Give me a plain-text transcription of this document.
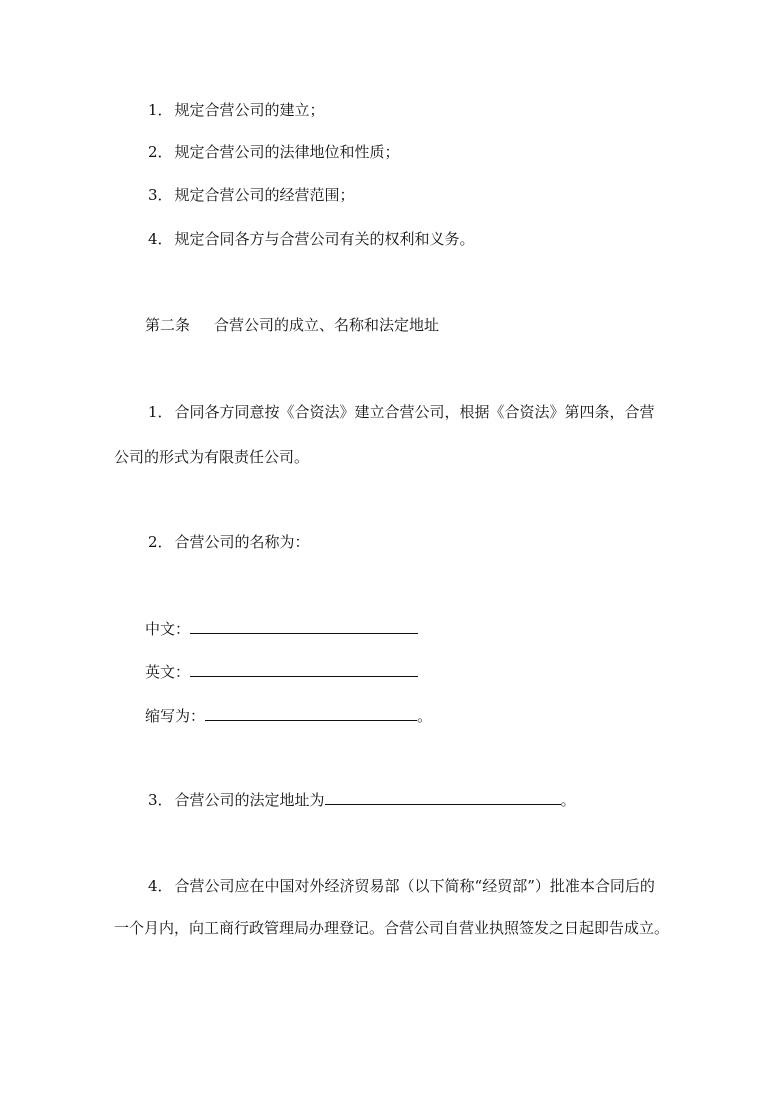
1． 规定合营公司的建立；
2． 规定合营公司的法律地位和性质；
3． 规定合营公司的经营范围；
4． 规定合同各方与合营公司有关的权利和义务。
第二条 合营公司的成立、名称和法定地址
1． 合同各方同意按《合资法》建立合营公司，根据《合资法》第四条，合营
公司的形式为有限责任公司。
2． 合营公司的名称为：
中文：
英文：
缩写为：	。
3． 合营公司的法定地址为	。
4． 合营公司应在中国对外经济贸易部（以下简称“经贸部”）批准本合同后的
一个月内，向工商行政管理局办理登记。合营公司自营业执照签发之日起即告成立。
